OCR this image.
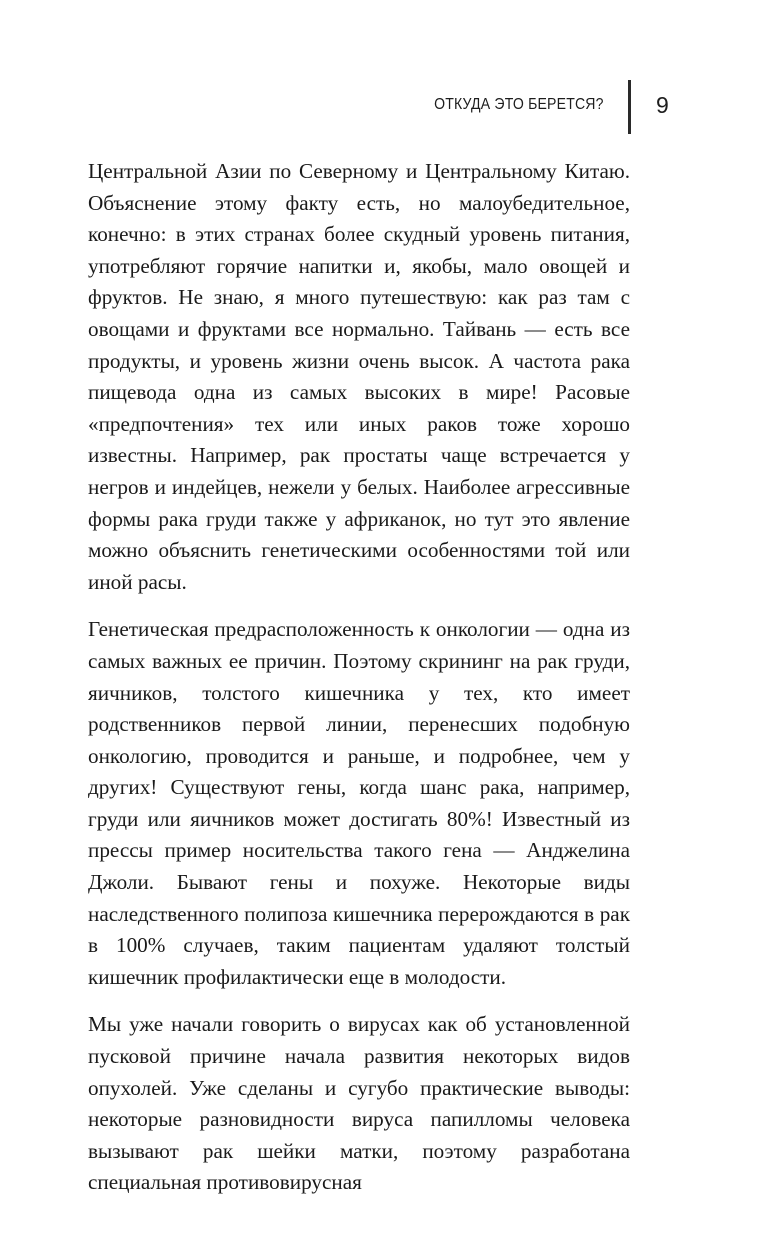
ОТКУДА ЭТО БЕРЕТСЯ? 9

Центральной Азии по Северному и Центральному Китаю. Объяснение этому факту есть, но малоубедительное, конечно: в этих странах более скудный уровень питания, употребляют горячие напитки и, якобы, мало овощей и фруктов. Не знаю, я много путешествую: как раз там с овощами и фруктами все нормально. Тайвань — есть все продукты, и уровень жизни очень высок. А частота рака пищевода одна из самых высоких в мире! Расовые «предпочтения» тех или иных раков тоже хорошо известны. Например, рак простаты чаще встречается у негров и индейцев, нежели у белых. Наиболее агрессивные формы рака груди также у африканок, но тут это явление можно объяснить генетическими особенностями той или иной расы.

Генетическая предрасположенность к онкологии — одна из самых важных ее причин. Поэтому скрининг на рак груди, яичников, толстого кишечника у тех, кто имеет родственников первой линии, перенесших подобную онкологию, проводится и раньше, и подробнее, чем у других! Существуют гены, когда шанс рака, например, груди или яичников может достигать 80%! Известный из прессы пример носительства такого гена — Анджелина Джоли. Бывают гены и похуже. Некоторые виды наследственного полипоза кишечника перерождаются в рак в 100% случаев, таким пациентам удаляют толстый кишечник профилактически еще в молодости.

Мы уже начали говорить о вирусах как об установленной пусковой причине начала развития некоторых видов опухолей. Уже сделаны и сугубо практические выводы: некоторые разновидности вируса папилломы человека вызывают рак шейки матки, поэтому разработана специальная противовирусная
